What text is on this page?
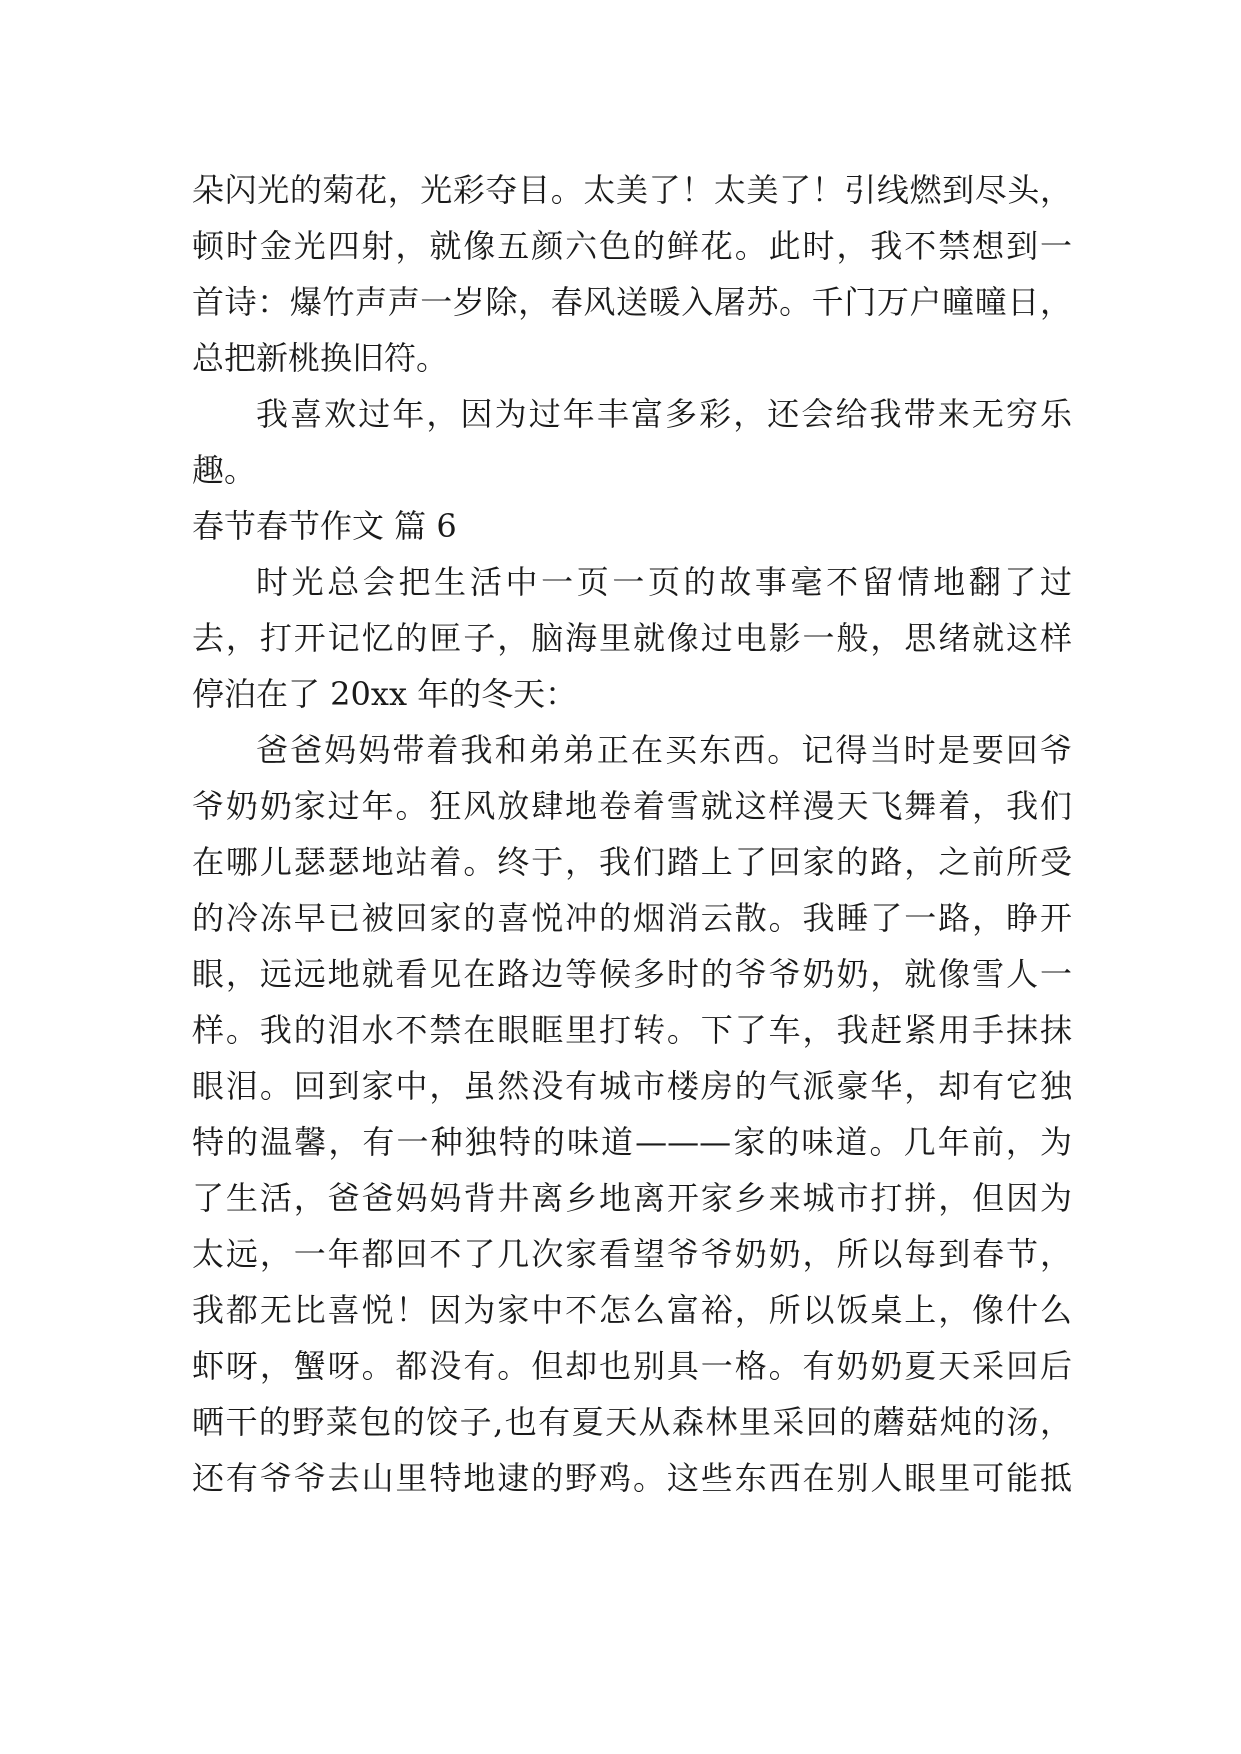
朵闪光的菊花，光彩夺目。太美了！太美了！引线燃到尽头，
顿时金光四射，就像五颜六色的鲜花。此时，我不禁想到一
首诗：爆竹声声一岁除，春风送暖入屠苏。千门万户曈曈日，
总把新桃换旧符。
我喜欢过年，因为过年丰富多彩，还会给我带来无穷乐
趣。
春节春节作文 篇 6
时光总会把生活中一页一页的故事毫不留情地翻了过
去，打开记忆的匣子，脑海里就像过电影一般，思绪就这样
停泊在了 20xx 年的冬天：
爸爸妈妈带着我和弟弟正在买东西。记得当时是要回爷
爷奶奶家过年。狂风放肆地卷着雪就这样漫天飞舞着，我们
在哪儿瑟瑟地站着。终于，我们踏上了回家的路，之前所受
的冷冻早已被回家的喜悦冲的烟消云散。我睡了一路，睁开
眼，远远地就看见在路边等候多时的爷爷奶奶，就像雪人一
样。我的泪水不禁在眼眶里打转。下了车，我赶紧用手抹抹
眼泪。回到家中，虽然没有城市楼房的气派豪华，却有它独
特的温馨，有一种独特的味道———家的味道。几年前，为
了生活，爸爸妈妈背井离乡地离开家乡来城市打拼，但因为
太远，一年都回不了几次家看望爷爷奶奶，所以每到春节，
我都无比喜悦！因为家中不怎么富裕，所以饭桌上，像什么
虾呀，蟹呀。都没有。但却也别具一格。有奶奶夏天采回后
晒干的野菜包的饺子,也有夏天从森林里采回的蘑菇炖的汤，
还有爷爷去山里特地逮的野鸡。这些东西在别人眼里可能抵
